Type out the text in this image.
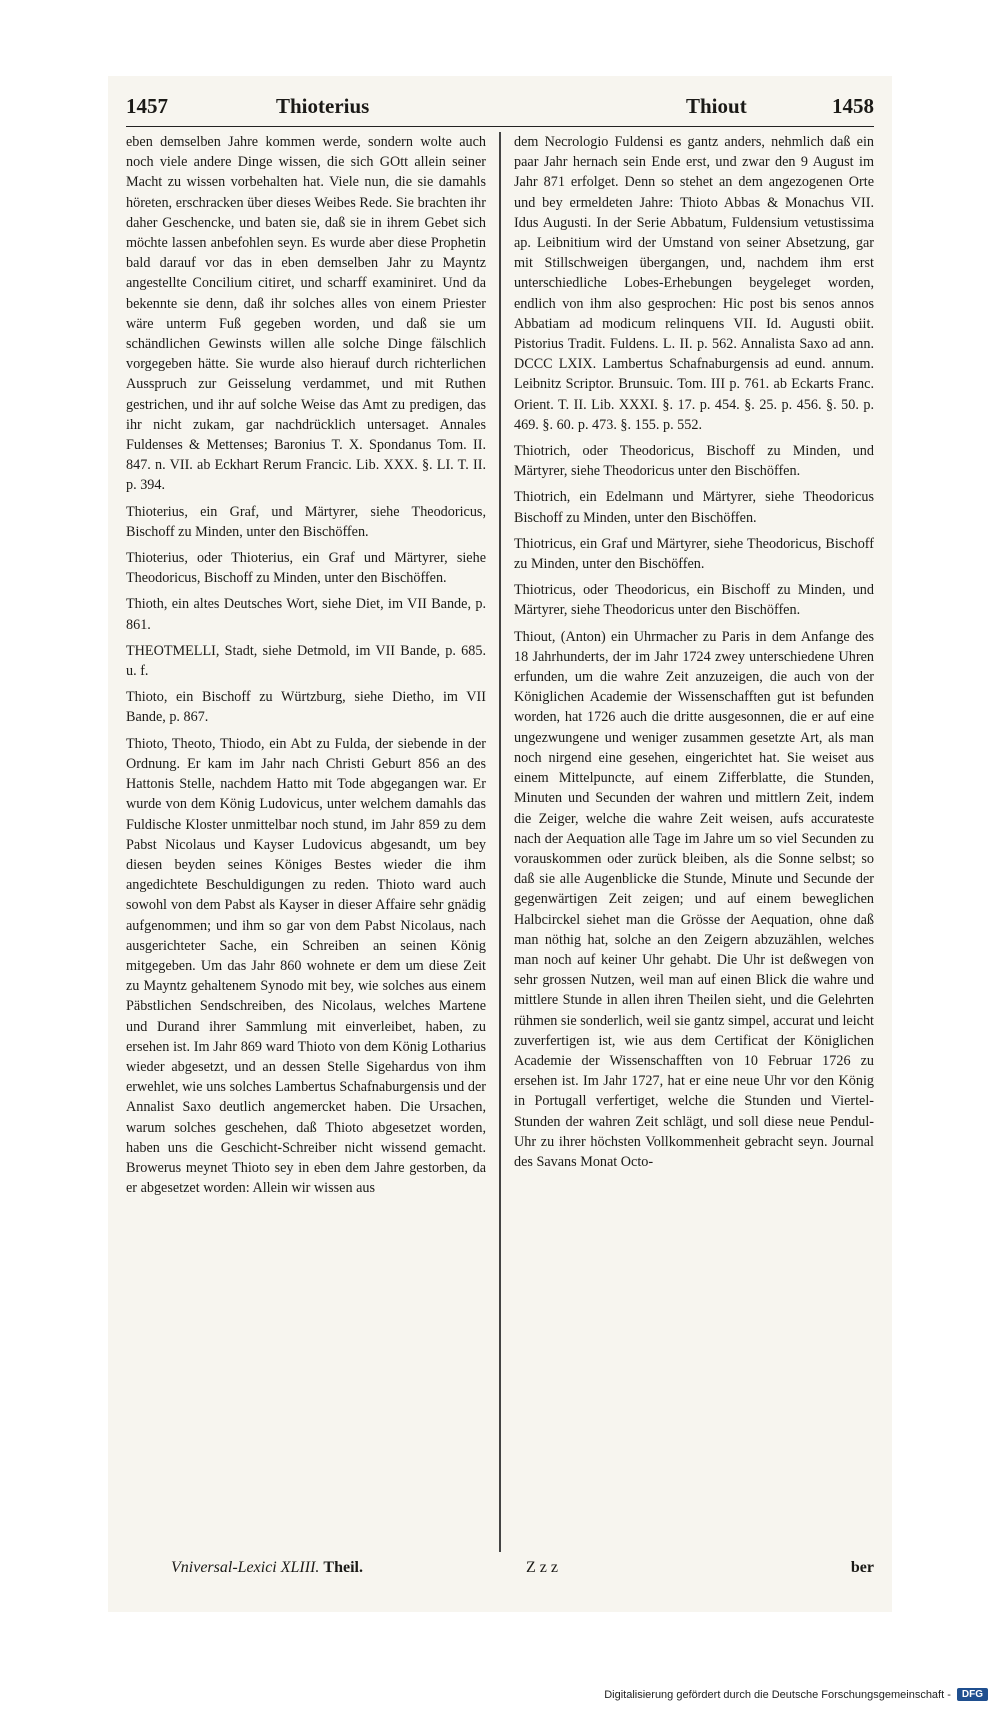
1457	Thioterius	Thiout	1458

eben demselben Jahre kommen werde, sondern wolte auch noch viele andere Dinge wissen, die sich GOtt allein seiner Macht zu wissen vorbehalten hat. Viele nun, die sie damahls höreten, erschracken über dieses Weibes Rede. Sie brachten ihr daher Geschencke, und baten sie, daß sie in ihrem Gebet sich möchte lassen anbefohlen seyn. Es wurde aber diese Prophetin bald darauf vor das in eben demselben Jahr zu Mayntz angestellte Concilium citiret, und scharff examiniret. Und da bekennte sie denn, daß ihr solches alles von einem Priester wäre unterm Fuß gegeben worden, und daß sie um schändlichen Gewinsts willen alle solche Dinge fälschlich vorgegeben hätte. Sie wurde also hierauf durch richterlichen Ausspruch zur Geisselung verdammet, und mit Ruthen gestrichen, und ihr auf solche Weise das Amt zu predigen, das ihr nicht zukam, gar nachdrücklich untersaget. Annales Fuldenses & Mettenses; Baronius T. X. Spondanus Tom. II. 847. n. VII. ab Eckhart Rerum Francic. Lib. XXX. §. LI. T. II. p. 394.

Thioterius, ein Graf, und Märtyrer, siehe Theodoricus, Bischoff zu Minden, unter den Bischöffen.

Thioterius, oder Thioterius, ein Graf und Märtyrer, siehe Theodoricus, Bischoff zu Minden, unter den Bischöffen.

Thioth, ein altes Deutsches Wort, siehe Diet, im VII Bande, p. 861.

THEOTMELLI, Stadt, siehe Detmold, im VII Bande, p. 685. u. f.

Thioto, ein Bischoff zu Würtzburg, siehe Dietho, im VII Bande, p. 867.

Thioto, Theoto, Thiodo, ein Abt zu Fulda, der siebende in der Ordnung. Er kam im Jahr nach Christi Geburt 856 an des Hattonis Stelle, nachdem Hatto mit Tode abgegangen war. Er wurde von dem König Ludovicus, unter welchem damahls das Fuldische Kloster unmittelbar noch stund, im Jahr 859 zu dem Pabst Nicolaus und Kayser Ludovicus abgesandt, um bey diesen beyden seines Königes Bestes wieder die ihm angedichtete Beschuldigungen zu reden. Thioto ward auch sowohl von dem Pabst als Kayser in dieser Affaire sehr gnädig aufgenommen; und ihm so gar von dem Pabst Nicolaus, nach ausgerichteter Sache, ein Schreiben an seinen König mitgegeben. Um das Jahr 860 wohnete er dem um diese Zeit zu Mayntz gehaltenem Synodo mit bey, wie solches aus einem Päbstlichen Sendschreiben, des Nicolaus, welches Martene und Durand ihrer Sammlung mit einverleibet, haben, zu ersehen ist. Im Jahr 869 ward Thioto von dem König Lotharius wieder abgesetzt, und an dessen Stelle Sigehardus von ihm erwehlet, wie uns solches Lambertus Schafnaburgensis und der Annalist Saxo deutlich angemercket haben. Die Ursachen, warum solches geschehen, daß Thioto abgesetzet worden, haben uns die Geschicht-Schreiber nicht wissend gemacht. Browerus meynet Thioto sey in eben dem Jahre gestorben, da er abgesetzet worden: Allein wir wissen aus

dem Necrologio Fuldensi es gantz anders, nehmlich daß ein paar Jahr hernach sein Ende erst, und zwar den 9 August im Jahr 871 erfolget. Denn so stehet an dem angezogenen Orte und bey ermeldeten Jahre: Thioto Abbas & Monachus VII. Idus Augusti. In der Serie Abbatum, Fuldensium vetustissima ap. Leibnitium wird der Umstand von seiner Absetzung, gar mit Stillschweigen übergangen, und, nachdem ihm erst unterschiedliche Lobes-Erhebungen beygeleget worden, endlich von ihm also gesprochen: Hic post bis senos annos Abbatiam ad modicum relinquens VII. Id. Augusti obiit. Pistorius Tradit. Fuldens. L. II. p. 562. Annalista Saxo ad ann. DCCC LXIX. Lambertus Schafnaburgensis ad eund. annum. Leibnitz Scriptor. Brunsuic. Tom. III p. 761. ab Eckarts Franc. Orient. T. II. Lib. XXXI. §. 17. p. 454. §. 25. p. 456. §. 50. p. 469. §. 60. p. 473. §. 155. p. 552.

Thiotrich, oder Theodoricus, Bischoff zu Minden, und Märtyrer, siehe Theodoricus unter den Bischöffen.

Thiotrich, ein Edelmann und Märtyrer, siehe Theodoricus Bischoff zu Minden, unter den Bischöffen.

Thiotricus, ein Graf und Märtyrer, siehe Theodoricus, Bischoff zu Minden, unter den Bischöffen.

Thiotricus, oder Theodoricus, ein Bischoff zu Minden, und Märtyrer, siehe Theodoricus unter den Bischöffen.

Thiout, (Anton) ein Uhrmacher zu Paris in dem Anfange des 18 Jahrhunderts, der im Jahr 1724 zwey unterschiedene Uhren erfunden, um die wahre Zeit anzuzeigen, die auch von der Königlichen Academie der Wissenschafften gut ist befunden worden, hat 1726 auch die dritte ausgesonnen, die er auf eine ungezwungene und weniger zusammen gesetzte Art, als man noch nirgend eine gesehen, eingerichtet hat. Sie weiset aus einem Mittelpuncte, auf einem Zifferblatte, die Stunden, Minuten und Secunden der wahren und mittlern Zeit, indem die Zeiger, welche die wahre Zeit weisen, aufs accurateste nach der Aequation alle Tage im Jahre um so viel Secunden zu vorauskommen oder zurück bleiben, als die Sonne selbst; so daß sie alle Augenblicke die Stunde, Minute und Secunde der gegenwärtigen Zeit zeigen; und auf einem beweglichen Halbcirckel siehet man die Grösse der Aequation, ohne daß man nöthig hat, solche an den Zeigern abzuzählen, welches man noch auf keiner Uhr gehabt. Die Uhr ist deßwegen von sehr grossen Nutzen, weil man auf einen Blick die wahre und mittlere Stunde in allen ihren Theilen sieht, und die Gelehrten rühmen sie sonderlich, weil sie gantz simpel, accurat und leicht zuverfertigen ist, wie aus dem Certificat der Königlichen Academie der Wissenschafften von 10 Februar 1726 zu ersehen ist. Im Jahr 1727, hat er eine neue Uhr vor den König in Portugall verfertiget, welche die Stunden und Viertel-Stunden der wahren Zeit schlägt, und soll diese neue Pendul-Uhr zu ihrer höchsten Vollkommenheit gebracht seyn. Journal des Savans Monat Octo-

Vniversal-Lexici XLIII. Theil.	Z z z	ber
Digitalisierung gefördert durch die Deutsche Forschungsgemeinschaft -	DFG
